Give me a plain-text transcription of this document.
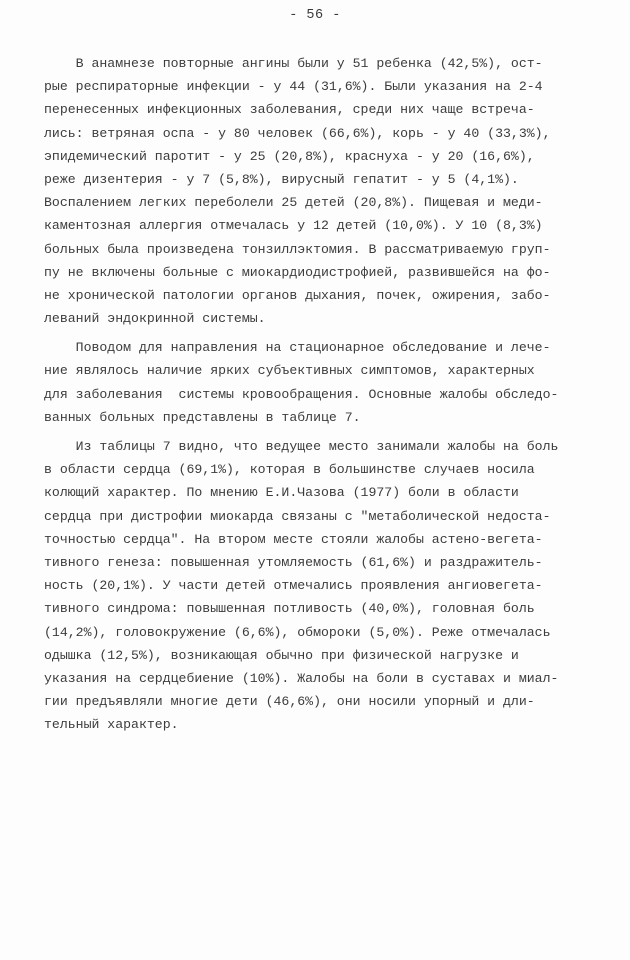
- 56 -
В анамнезе повторные ангины были у 51 ребенка (42,5%), ост-
рые респираторные инфекции - у 44 (31,6%). Были указания на 2-4
перенесенных инфекционных заболевания, среди них чаще встреча-
лись: ветряная оспа - у 80 человек (66,6%), корь - у 40 (33,3%),
эпидемический паротит - у 25 (20,8%), краснуха - у 20 (16,6%),
реже дизентерия - у 7 (5,8%), вирусный гепатит - у 5 (4,1%).
Воспалением легких переболели 25 детей (20,8%). Пищевая и меди-
каментозная аллергия отмечалась у 12 детей (10,0%). У 10 (8,3%)
больных была произведена тонзиллэктомия. В рассматриваемую груп-
пу не включены больные с миокардиодистрофией, развившейся на фо-
не хронической патологии органов дыхания, почек, ожирения, забо-
леваний эндокринной системы.
Поводом для направления на стационарное обследование и лече-
ние являлось наличие ярких субъективных симптомов, характерных
для заболевания  системы кровообращения. Основные жалобы обследо-
ванных больных представлены в таблице 7.
Из таблицы 7 видно, что ведущее место занимали жалобы на боль
в области сердца (69,1%), которая в большинстве случаев носила
колющий характер. По мнению Е.И.Чазова (1977) боли в области
сердца при дистрофии миокарда связаны с "метаболической недоста-
точностью сердца". На втором месте стояли жалобы астено-вегета-
тивного генеза: повышенная утомляемость (61,6%) и раздражитель-
ность (20,1%). У части детей отмечались проявления ангиовегета-
тивного синдрома: повышенная потливость (40,0%), головная боль
(14,2%), головокружение (6,6%), обмороки (5,0%). Реже отмечалась
одышка (12,5%), возникающая обычно при физической нагрузке и
указания на сердцебиение (10%). Жалобы на боли в суставах и миал-
гии предъявляли многие дети (46,6%), они носили упорный и дли-
тельный характер.
